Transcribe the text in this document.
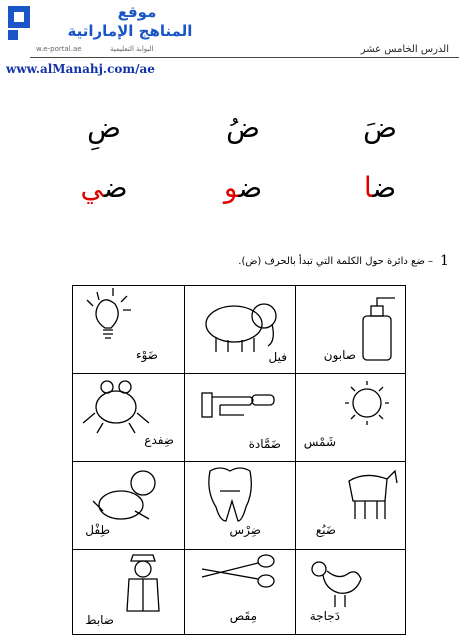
موقع
المناهج الإماراتية
w.e-portal.ae	البوابة التعليمية	الدرس الخامس عشر
www.alManahj.com/ae
ضَ
ضُ
ضِ
ضا
ضو
ضي
1
– ضع دائرة حول الكلمة التي تبدأ بالحرف (ض).
صابون
فيل
ضَوْء
شَمْس
ضَمَّادة
ضِفدع
ضَبُع
ضِرْس
طِفْل
دَجاجة
مِقَص
ضابط
